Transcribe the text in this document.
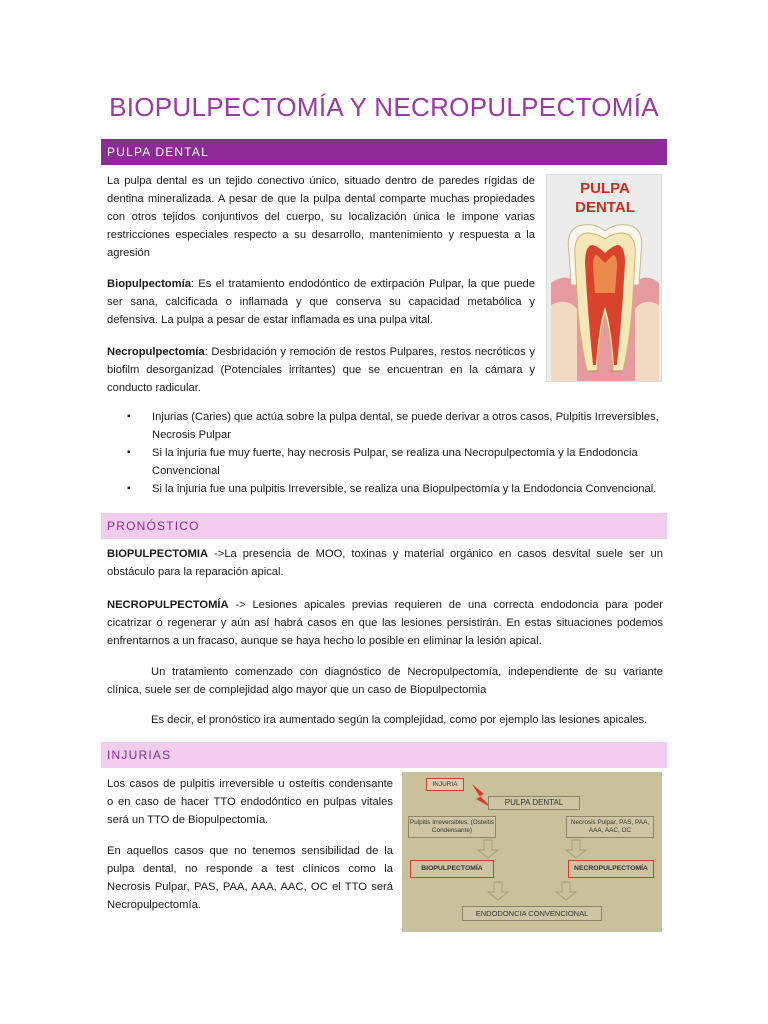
BIOPULPECTOMÍA Y NECROPULPECTOMÍA
PULPA DENTAL

La pulpa dental es un tejido conectivo único, situado dentro de paredes rígidas de dentina mineralizada. A pesar de que la pulpa dental comparte muchas propiedades con otros tejidos conjuntivos del cuerpo, su localización única le impone varias restricciones especiales respecto a su desarrollo, mantenimiento y respuesta a la agresión

Biopulpectomía: Es el tratamiento endodóntico de extirpación Pulpar, la que puede ser sana, calcificada o inflamada y que conserva su capacidad metabólica y defensiva. La pulpa a pesar de estar inflamada es una pulpa vital.

Necropulpectomía: Desbridación y remoción de restos Pulpares, restos necróticos y biofilm desorganizad (Potenciales irritantes) que se encuentran en la cámara y conducto radicular.

PULPA
DENTAL
▪ Injurias (Caries) que actúa sobre la pulpa dental, se puede derivar a otros casos, Pulpitis Irreversibles, Necrosis Pulpar
▪ Si la injuria fue muy fuerte, hay necrosis Pulpar, se realiza una Necropulpectomía y la Endodoncia Convencional
▪ Si la injuria fue una pulpitis Irreversible, se realiza una Biopulpectomía y la Endodoncia Convencional.
PRONÓSTICO

BIOPULPECTOMIA ->La presencia de MOO, toxinas y material orgánico en casos desvital suele ser un obstáculo para la reparación apical.

NECROPULPECTOMÍA -> Lesiones apicales previas requieren de una correcta endodoncia para poder cicatrizar o regenerar y aún así habrá casos en que las lesiones persistirán. En estas situaciones podemos enfrentarnos a un fracaso, aunque se haya hecho lo posible en eliminar la lesión apical.

Un tratamiento comenzado con diagnóstico de Necropulpectomía, independiente de su variante clínica, suele ser de complejidad algo mayor que un caso de Biopulpectomia

Es decir, el pronóstico ira aumentado según la complejidad, como por ejemplo las lesiones apicales.

INJURIAS

Los casos de pulpitis irreversible u osteítis condensante o en caso de hacer TTO endodóntico en pulpas vitales será un TTO de Biopulpectomía.

En aquellos casos que no tenemos sensibilidad de la pulpa dental, no responde a test clínicos como la Necrosis Pulpar, PAS, PAA, AAA, AAC, OC el TTO será Necropulpectomía.

INJURIA
PULPA DENTAL
Pulpitis Irreversibles, (Osteitis Condensante)
Necrosis Pulpar, PAS, PAA, AAA, AAC, OC
BIOPULPECTOMÍA	NECROPULPECTOMÍA
ENDODONCIA CONVENCIONAL
